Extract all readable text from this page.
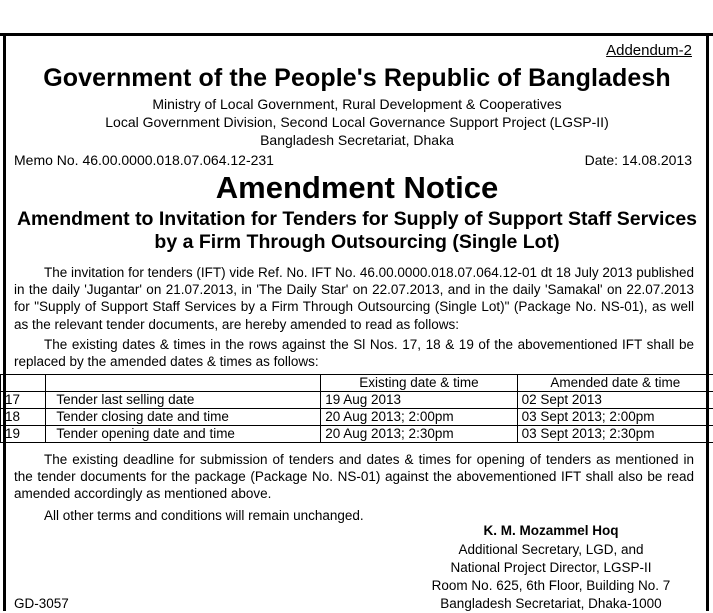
Addendum-2
Government of the People's Republic of Bangladesh
Ministry of Local Government, Rural Development & Cooperatives
Local Government Division, Second Local Governance Support Project (LGSP-II)
Bangladesh Secretariat, Dhaka
Memo No. 46.00.0000.018.07.064.12-231	Date: 14.08.2013
Amendment Notice
Amendment to Invitation for Tenders for Supply of Support Staff Services by a Firm Through Outsourcing (Single Lot)
The invitation for tenders (IFT) vide Ref. No. IFT No. 46.00.0000.018.07.064.12-01 dt 18 July 2013 published in the daily 'Jugantar' on 21.07.2013, in 'The Daily Star' on 22.07.2013, and in the daily 'Samakal' on 22.07.2013 for "Supply of Support Staff Services by a Firm Through Outsourcing (Single Lot)" (Package No. NS-01), as well as the relevant tender documents, are hereby amended to read as follows:
The existing dates & times in the rows against the Sl Nos. 17, 18 & 19 of the abovementioned IFT shall be replaced by the amended dates & times as follows:
		Existing date & time	Amended date & time
17	Tender last selling date	19 Aug 2013	02 Sept 2013
18	Tender closing date and time	20 Aug 2013; 2:00pm	03 Sept 2013; 2:00pm
19	Tender opening date and time	20 Aug 2013; 2:30pm	03 Sept 2013; 2:30pm
The existing deadline for submission of tenders and dates & times for opening of tenders as mentioned in the tender documents for the package (Package No. NS-01) against the abovementioned IFT shall also be read amended accordingly as mentioned above.
All other terms and conditions will remain unchanged.
K. M. Mozammel Hoq
Additional Secretary, LGD, and
National Project Director, LGSP-II
Room No. 625, 6th Floor, Building No. 7
Bangladesh Secretariat, Dhaka-1000
GD-3057
